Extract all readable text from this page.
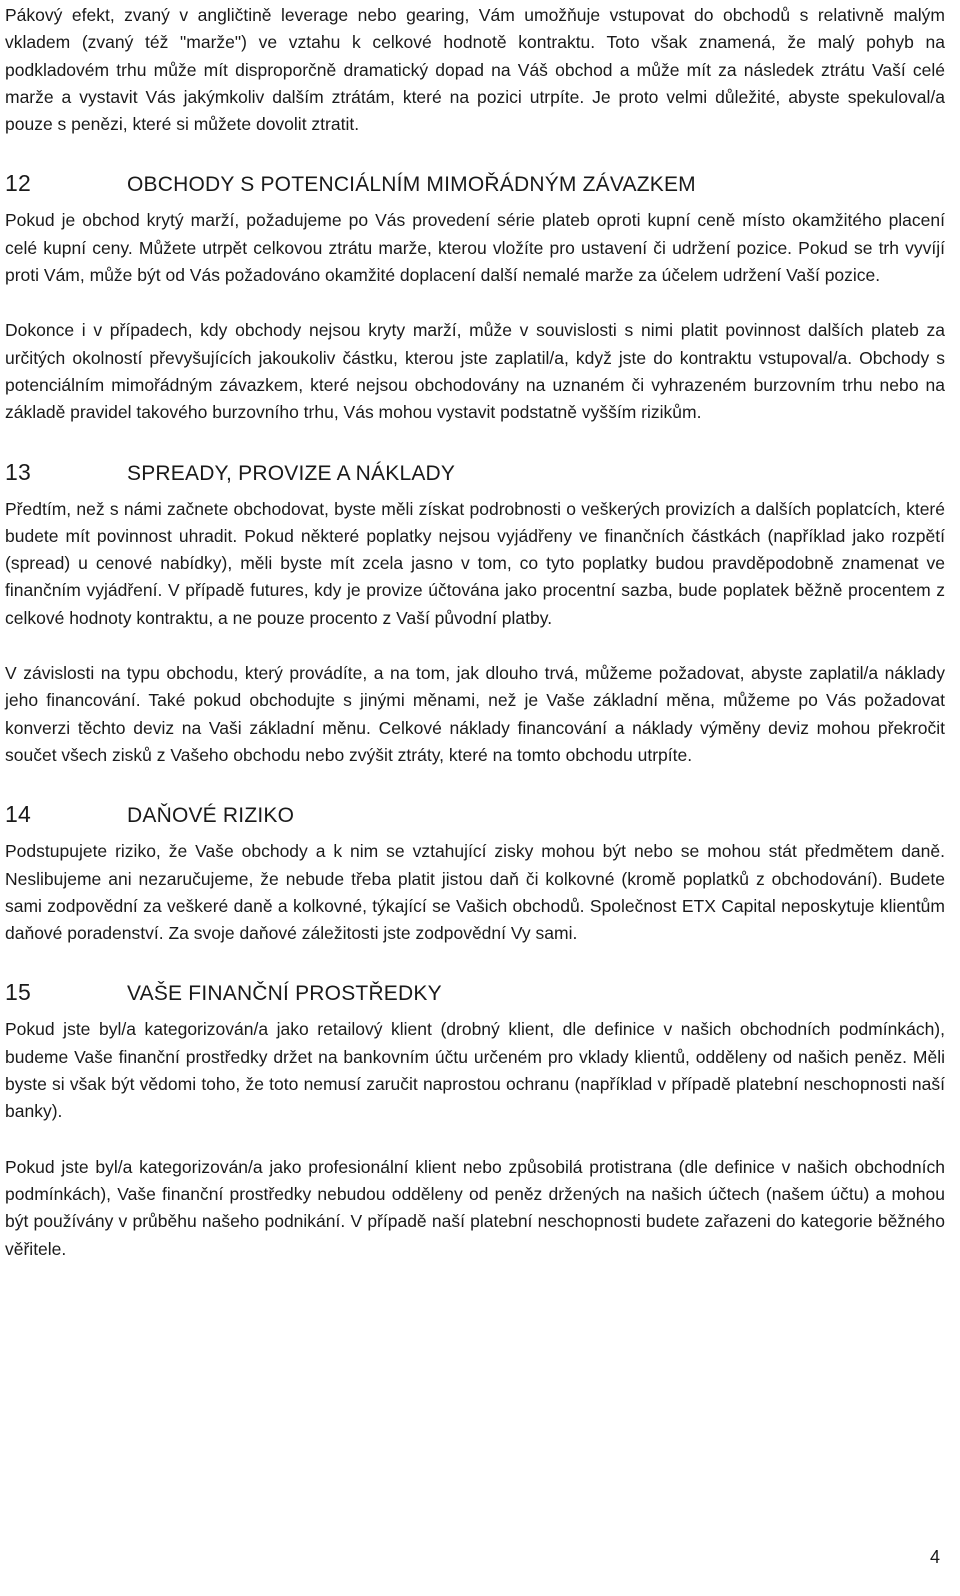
Pákový efekt, zvaný v angličtině leverage nebo gearing, Vám umožňuje vstupovat do obchodů s relativně malým vkladem (zvaný též "marže") ve vztahu k celkové hodnotě kontraktu. Toto však znamená, že malý pohyb na podkladovém trhu může mít disproporčně dramatický dopad na Váš obchod a může mít za následek ztrátu Vaší celé marže a vystavit Vás jakýmkoliv dalším ztrátám, které na pozici utrpíte. Je proto velmi důležité, abyste spekuloval/a pouze s penězi, které si můžete dovolit ztratit.

12	OBCHODY S POTENCIÁLNÍM MIMOŘÁDNÝM ZÁVAZKEM

Pokud je obchod krytý marží, požadujeme po Vás provedení série plateb oproti kupní ceně místo okamžitého placení celé kupní ceny. Můžete utrpět celkovou ztrátu marže, kterou vložíte pro ustavení či udržení pozice. Pokud se trh vyvíjí proti Vám, může být od Vás požadováno okamžité doplacení další nemalé marže za účelem udržení Vaší pozice.

Dokonce i v případech, kdy obchody nejsou kryty marží, může v souvislosti s nimi platit povinnost dalších plateb za určitých okolností převyšujících jakoukoliv částku, kterou jste zaplatil/a, když jste do kontraktu vstupoval/a. Obchody s potenciálním mimořádným závazkem, které nejsou obchodovány na uznaném či vyhrazeném burzovním trhu nebo na základě pravidel takového burzovního trhu, Vás mohou vystavit podstatně vyšším rizikům.

13	SPREADY, PROVIZE A NÁKLADY

Předtím, než s námi začnete obchodovat, byste měli získat podrobnosti o veškerých provizích a dalších poplatcích, které budete mít povinnost uhradit. Pokud některé poplatky nejsou vyjádřeny ve finančních částkách (například jako rozpětí (spread) u cenové nabídky), měli byste mít zcela jasno v tom, co tyto poplatky budou pravděpodobně znamenat ve finančním vyjádření. V případě futures, kdy je provize účtována jako procentní sazba, bude poplatek běžně procentem z celkové hodnoty kontraktu, a ne pouze procento z Vaší původní platby.

V závislosti na typu obchodu, který provádíte, a na tom, jak dlouho trvá, můžeme požadovat, abyste zaplatil/a náklady jeho financování. Také pokud obchodujte s jinými měnami, než je Vaše základní měna, můžeme po Vás požadovat konverzi těchto deviz na Vaši základní měnu. Celkové náklady financování a náklady výměny deviz mohou překročit součet všech zisků z Vašeho obchodu nebo zvýšit ztráty, které na tomto obchodu utrpíte.

14	DAŇOVÉ RIZIKO

Podstupujete riziko, že Vaše obchody a k nim se vztahující zisky mohou být nebo se mohou stát předmětem daně. Neslibujeme ani nezaručujeme, že nebude třeba platit jistou daň či kolkovné (kromě poplatků z obchodování). Budete sami zodpovědní za veškeré daně a kolkovné, týkající se Vašich obchodů. Společnost ETX Capital neposkytuje klientům daňové poradenství. Za svoje daňové záležitosti jste zodpovědní Vy sami.

15	VAŠE FINANČNÍ PROSTŘEDKY

Pokud jste byl/a kategorizován/a jako retailový klient (drobný klient, dle definice v našich obchodních podmínkách), budeme Vaše finanční prostředky držet na bankovním účtu určeném pro vklady klientů, odděleny od našich peněz. Měli byste si však být vědomi toho, že toto nemusí zaručit naprostou ochranu (například v případě platební neschopnosti naší banky).

Pokud jste byl/a kategorizován/a jako profesionální klient nebo způsobilá protistrana (dle definice v našich obchodních podmínkách), Vaše finanční prostředky nebudou odděleny od peněz držených na našich účtech (našem účtu) a mohou být používány v průběhu našeho podnikání. V případě naší platební neschopnosti budete zařazeni do kategorie běžného věřitele.

4
